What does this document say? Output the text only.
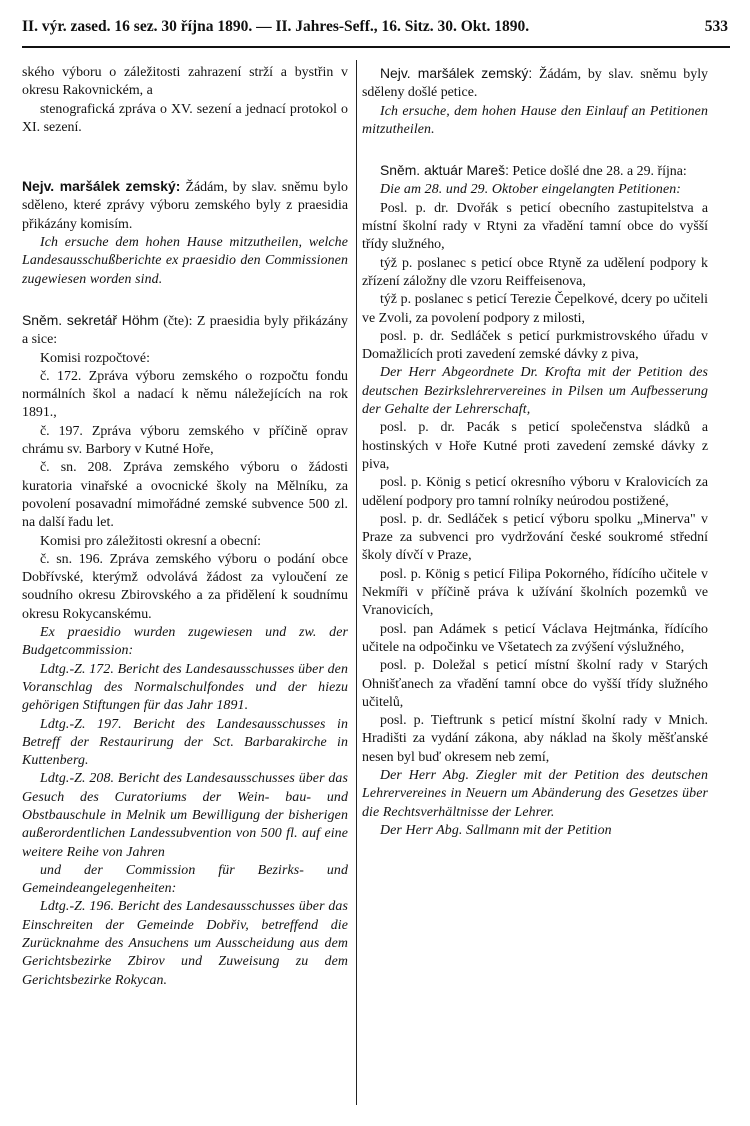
II. výr. zased. 16 sez. 30 října 1890. — II. Jahres-Seff., 16. Sitz. 30. Okt. 1890.	533

ského výboru o záležitosti zahrazení strží a bystřin v okresu Rakovnickém, a

stenografická zpráva o XV. sezení a jednací protokol o XI. sezení.

Nejv. maršálek zemský: Žádám, by slav. sněmu bylo sděleno, které zprávy výboru zemského byly z praesidia přikázány komisím.

Ich ersuche dem hohen Hause mitzutheilen, welche Landesausschußberichte ex praesidio den Commissionen zugewiesen worden sind.

Sněm. sekretář Höhm (čte): Z praesidia byly přikázány a sice:

Komisi rozpočtové:

č. 172. Zpráva výboru zemského o rozpočtu fondu normálních škol a nadací k němu náležejících na rok 1891.,

č. 197. Zpráva výboru zemského v příčině oprav chrámu sv. Barbory v Kutné Hoře,

č. sn. 208. Zpráva zemského výboru o žádosti kuratoria vinařské a ovocnické školy na Mělníku, za povolení posavadní mimořádné zemské subvence 500 zl. na další řadu let.

Komisi pro záležitosti okresní a obecní:

č. sn. 196. Zpráva zemského výboru o podání obce Dobřívské, kterýmž odvolává žádost za vyloučení ze soudního okresu Zbirovského a za přidělení k soudnímu okresu Rokycanskému.

Ex praesidio wurden zugewiesen und zw. der Budgetcommission:

Ldtg.-Z. 172. Bericht des Landesausschusses über den Voranschlag des Normalschulfondes und der hiezu gehörigen Stiftungen für das Jahr 1891.

Ldtg.-Z. 197. Bericht des Landesausschusses in Betreff der Restaurirung der Sct. Barbarakirche in Kuttenberg.

Ldtg.-Z. 208. Bericht des Landesausschusses über das Gesuch des Curatoriums der Wein- bau- und Obstbauschule in Melnik um Bewilligung der bisherigen außerordentlichen Landessubvention von 500 fl. auf eine weitere Reihe von Jahren

und der Commission für Bezirks- und Gemeindeangelegenheiten:

Ldtg.-Z. 196. Bericht des Landesausschusses über das Einschreiten der Gemeinde Dobřiv, betreffend die Zurücknahme des Ansuchens um Ausscheidung aus dem Gerichtsbezirke Zbirov und Zuweisung zu dem Gerichtsbezirke Rokycan.

Nejv. maršálek zemský: Žádám, by slav. sněmu byly sděleny došlé petice.

Ich ersuche, dem hohen Hause den Einlauf an Petitionen mitzutheilen.

Sněm. aktuár Mareš: Petice došlé dne 28. a 29. října:

Die am 28. und 29. Oktober eingelangten Petitionen:

Posl. p. dr. Dvořák s peticí obecního zastupitelstva a místní školní rady v Rtyni za vřadění tamní obce do vyšší třídy služného,

týž p. poslanec s peticí obce Rtyně za udělení podpory k zřízení záložny dle vzoru Reiffeisenova,

týž p. poslanec s peticí Terezie Čepelkové, dcery po učiteli ve Zvoli, za povolení podpory z milosti,

posl. p. dr. Sedláček s peticí purkmistrovského úřadu v Domažlicích proti zavedení zemské dávky z piva,

Der Herr Abgeordnete Dr. Krofta mit der Petition des deutschen Bezirkslehrervereines in Pilsen um Aufbesserung der Gehalte der Lehrerschaft,

posl. p. dr. Pacák s peticí společenstva sládků a hostinských v Hoře Kutné proti zavedení zemské dávky z piva,

posl. p. König s peticí okresního výboru v Kralovicích za udělení podpory pro tamní rolníky neúrodou postižené,

posl. p. dr. Sedláček s peticí výboru spolku „Minerva" v Praze za subvenci pro vydržování české soukromé střední školy dívčí v Praze,

posl. p. König s peticí Filipa Pokorného, řídícího učitele v Nekmíři v příčině práva k užívání školních pozemků ve Vranovicích,

posl. pan Adámek s peticí Václava Hejtmánka, řídícího učitele na odpočinku ve Všetatech za zvýšení výslužného,

posl. p. Doležal s peticí místní školní rady v Starých Ohnišťanech za vřadění tamní obce do vyšší třídy služného učitelů,

posl. p. Tieftrunk s peticí místní školní rady v Mnich. Hradišti za vydání zákona, aby náklad na školy měšťanské nesen byl buď okresem neb zemí,

Der Herr Abg. Ziegler mit der Petition des deutschen Lehrervereines in Neuern um Abänderung des Gesetzes über die Rechtsverhältnisse der Lehrer.

Der Herr Abg. Sallmann mit der Petition
